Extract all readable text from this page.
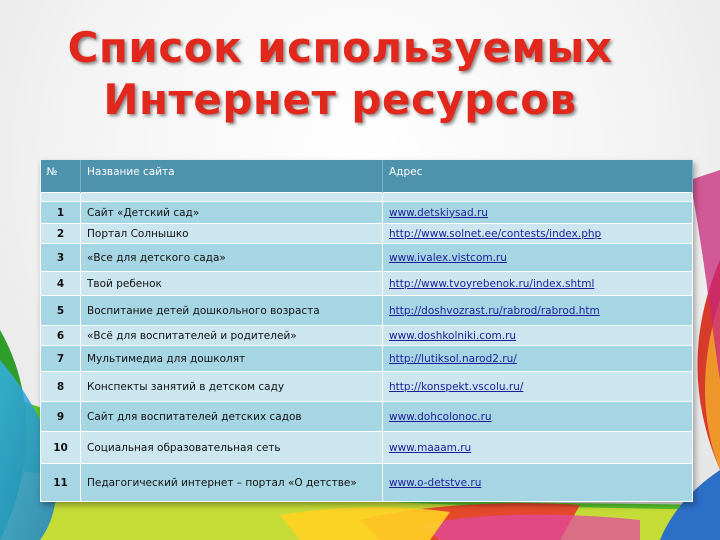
Список используемых
Интернет ресурсов
№	Название сайта	Адрес

1	Сайт «Детский сад»	www.detskiysad.ru
2	Портал Солнышко	http://www.solnet.ee/contests/index.php
3	«Все для детского сада»	www.ivalex.vistcom.ru
4	Твой ребенок	http://www.tvoyrebenok.ru/index.shtml
5	Воспитание детей дошкольного возраста	http://doshvozrast.ru/rabrod/rabrod.htm
6	«Всё для воспитателей и родителей»	www.doshkolniki.com.ru
7	Мультимедиа для дошколят	http://lutiksol.narod2.ru/
8	Конспекты занятий в детском саду	http://konspekt.vscolu.ru/
9	Сайт для воспитателей детских садов	www.dohcolonoc.ru
10	Социальная образовательная сеть	www.maaam.ru
11	Педагогический интернет – портал «О детстве»	www.o-detstve.ru
